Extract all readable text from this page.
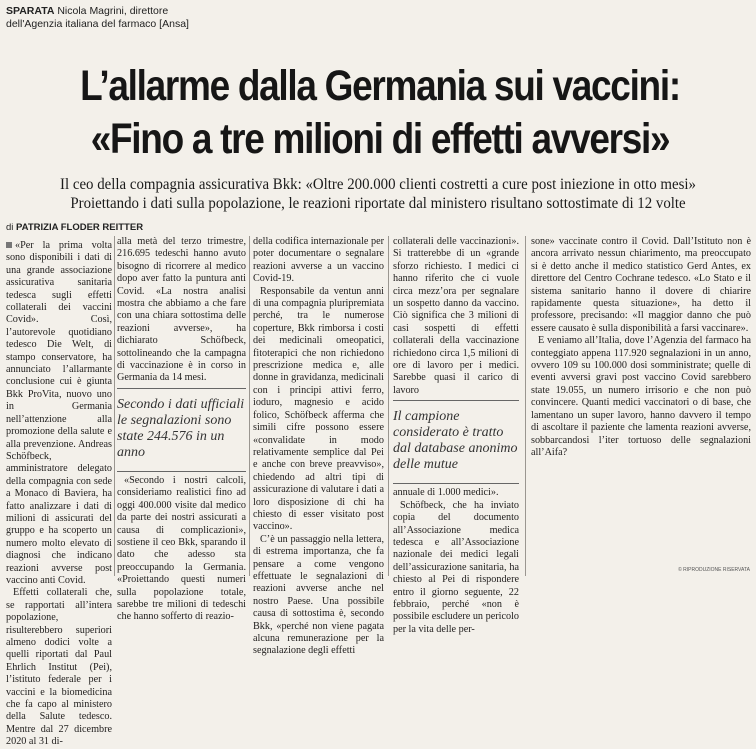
SPARATA Nicola Magrini, direttore
dell'Agenzia italiana del farmaco [Ansa]
L’allarme dalla Germania sui vaccini:
«Fino a tre milioni di effetti avversi»
Il ceo della compagnia assicurativa Bkk: «Oltre 200.000 clienti costretti a cure post iniezione in otto mesi»
Proiettando i dati sulla popolazione, le reazioni riportate dal ministero risultano sottostimate di 12 volte
di PATRIZIA FLODER REITTER

«Per la prima volta sono disponibili i dati di una grande associazione assicurativa sanitaria tedesca sugli effetti collaterali dei vaccini Covid». Così, l’autorevole quotidiano tedesco Die Welt, di stampo conservatore, ha annunciato l’allarmante conclusione cui è giunta Bkk ProVita, nuovo uno in Germania nell’attenzione alla promozione della salute e alla prevenzione. Andreas Schöfbeck, amministratore delegato della compagnia con sede a Monaco di Baviera, ha fatto analizzare i dati di milioni di assicurati del gruppo e ha scoperto un numero molto elevato di diagnosi che indicano reazioni avverse post vaccino anti Covid.

Effetti collaterali che, se rapportati all’intera popolazione, risulterebbero superiori almeno dodici volte a quelli riportati dal Paul Ehrlich Institut (Pei), l’istituto federale per i vaccini e la biomedicina che fa capo al ministero della Salute tedesco. Mentre dal 27 dicembre 2020 al 31 di-

alla metà del terzo trimestre, 216.695 tedeschi hanno avuto bisogno di ricorrere al medico dopo aver fatto la puntura anti Covid. «La nostra analisi mostra che abbiamo a che fare con una chiara sottostima delle reazioni avverse», ha dichiarato Schöfbeck, sottolineando che la campagna di vaccinazione è in corso in Germania da 14 mesi.

Secondo i dati ufficiali le segnalazioni sono state 244.576 in un anno

«Secondo i nostri calcoli, consideriamo realistici fino ad oggi 400.000 visite dal medico da parte dei nostri assicurati a causa di complicazioni», sostiene il ceo Bkk, sparando il dato che adesso sta preoccupando la Germania. «Proiettando questi numeri sulla popolazione totale, sarebbe tre milioni di tedeschi che hanno sofferto di reazio-

della codifica internazionale per poter documentare o segnalare reazioni avverse a un vaccino Covid-19.

Responsabile da ventun anni di una compagnia pluripremiata perché, tra le numerose coperture, Bkk rimborsa i costi dei medicinali omeopatici, fitoterapici che non richiedono prescrizione medica e, alle donne in gravidanza, medicinali con i principi attivi ferro, ioduro, magnesio e acido folico, Schöfbeck afferma che simili cifre possono essere «convalidate in modo relativamente semplice dal Pei e anche con breve preavviso», chiedendo ad altri tipi di assicurazione di valutare i dati a loro disposizione di chi ha chiesto di esser visitato post vaccino».

C’è un passaggio nella lettera, di estrema importanza, che fa pensare a come vengono effettuate le segnalazioni di reazioni avverse anche nel nostro Paese. Una possibile causa di sottostima è, secondo Bkk, «perché non viene pagata alcuna remunerazione per la segnalazione degli effetti

collaterali delle vaccinazioni». Si tratterebbe di un «grande sforzo richiesto. I medici ci hanno riferito che ci vuole circa mezz’ora per segnalare un sospetto danno da vaccino. Ciò significa che 3 milioni di casi sospetti di effetti collaterali della vaccinazione richiedono circa 1,5 milioni di ore di lavoro per i medici. Sarebbe quasi il carico di lavoro

Il campione considerato è tratto dal database anonimo delle mutue

annuale di 1.000 medici».

Schöfbeck, che ha inviato copia del documento all’Associazione medica tedesca e all’Associazione nazionale dei medici legali dell’assicurazione sanitaria, ha chiesto al Pei di rispondere entro il giorno seguente, 22 febbraio, perché «non è possibile escludere un pericolo per la vita delle per-

sone» vaccinate contro il Covid. Dall’Istituto non è ancora arrivato nessun chiarimento, ma preoccupato si è detto anche il medico statistico Gerd Antes, ex direttore del Centro Cochrane tedesco. «Lo Stato e il sistema sanitario hanno il dovere di chiarire rapidamente questa situazione», ha detto il professore, precisando: «Il maggior danno che può essere causato è sulla disponibilità a farsi vaccinare».

E veniamo all’Italia, dove l’Agenzia del farmaco ha conteggiato appena 117.920 segnalazioni in un anno, ovvero 109 su 100.000 dosi somministrate; quelle di eventi avversi gravi post vaccino Covid sarebbero state 19.055, un numero irrisorio e che non può convincere. Quanti medici vaccinatori o di base, che lamentano un super lavoro, hanno davvero il tempo di ascoltare il paziente che lamenta reazioni avverse, sobbarcandosi l’iter tortuoso delle segnalazioni all’Aifa?

© RIPRODUZIONE RISERVATA
